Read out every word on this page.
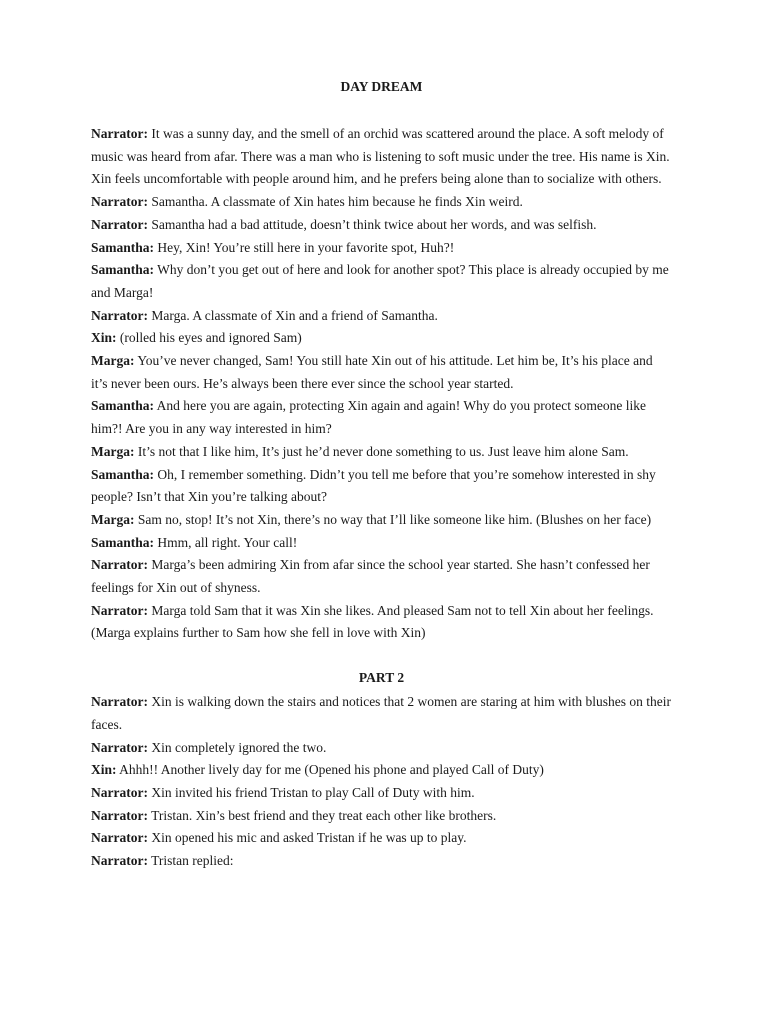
DAY DREAM

Narrator: It was a sunny day, and the smell of an orchid was scattered around the place. A soft melody of music was heard from afar. There was a man who is listening to soft music under the tree. His name is Xin. Xin feels uncomfortable with people around him, and he prefers being alone than to socialize with others.

Narrator: Samantha. A classmate of Xin hates him because he finds Xin weird.

Narrator: Samantha had a bad attitude, doesn’t think twice about her words, and was selfish.

Samantha: Hey, Xin! You’re still here in your favorite spot, Huh?!

Samantha: Why don’t you get out of here and look for another spot? This place is already occupied by me and Marga!

Narrator: Marga. A classmate of Xin and a friend of Samantha.

Xin: (rolled his eyes and ignored Sam)

Marga: You’ve never changed, Sam! You still hate Xin out of his attitude. Let him be, It’s his place and it’s never been ours. He’s always been there ever since the school year started.

Samantha: And here you are again, protecting Xin again and again! Why do you protect someone like him?! Are you in any way interested in him?

Marga: It’s not that I like him, It’s just he’d never done something to us. Just leave him alone Sam.

Samantha: Oh, I remember something. Didn’t you tell me before that you’re somehow interested in shy people? Isn’t that Xin you’re talking about?

Marga: Sam no, stop! It’s not Xin, there’s no way that I’ll like someone like him. (Blushes on her face)

Samantha: Hmm, all right. Your call!

Narrator: Marga’s been admiring Xin from afar since the school year started. She hasn’t confessed her feelings for Xin out of shyness.

Narrator: Marga told Sam that it was Xin she likes. And pleased Sam not to tell Xin about her feelings. (Marga explains further to Sam how she fell in love with Xin)

PART 2

Narrator: Xin is walking down the stairs and notices that 2 women are staring at him with blushes on their faces.

Narrator: Xin completely ignored the two.

Xin: Ahhh!! Another lively day for me (Opened his phone and played Call of Duty)

Narrator: Xin invited his friend Tristan to play Call of Duty with him.

Narrator: Tristan. Xin’s best friend and they treat each other like brothers.

Narrator: Xin opened his mic and asked Tristan if he was up to play.

Narrator: Tristan replied:
